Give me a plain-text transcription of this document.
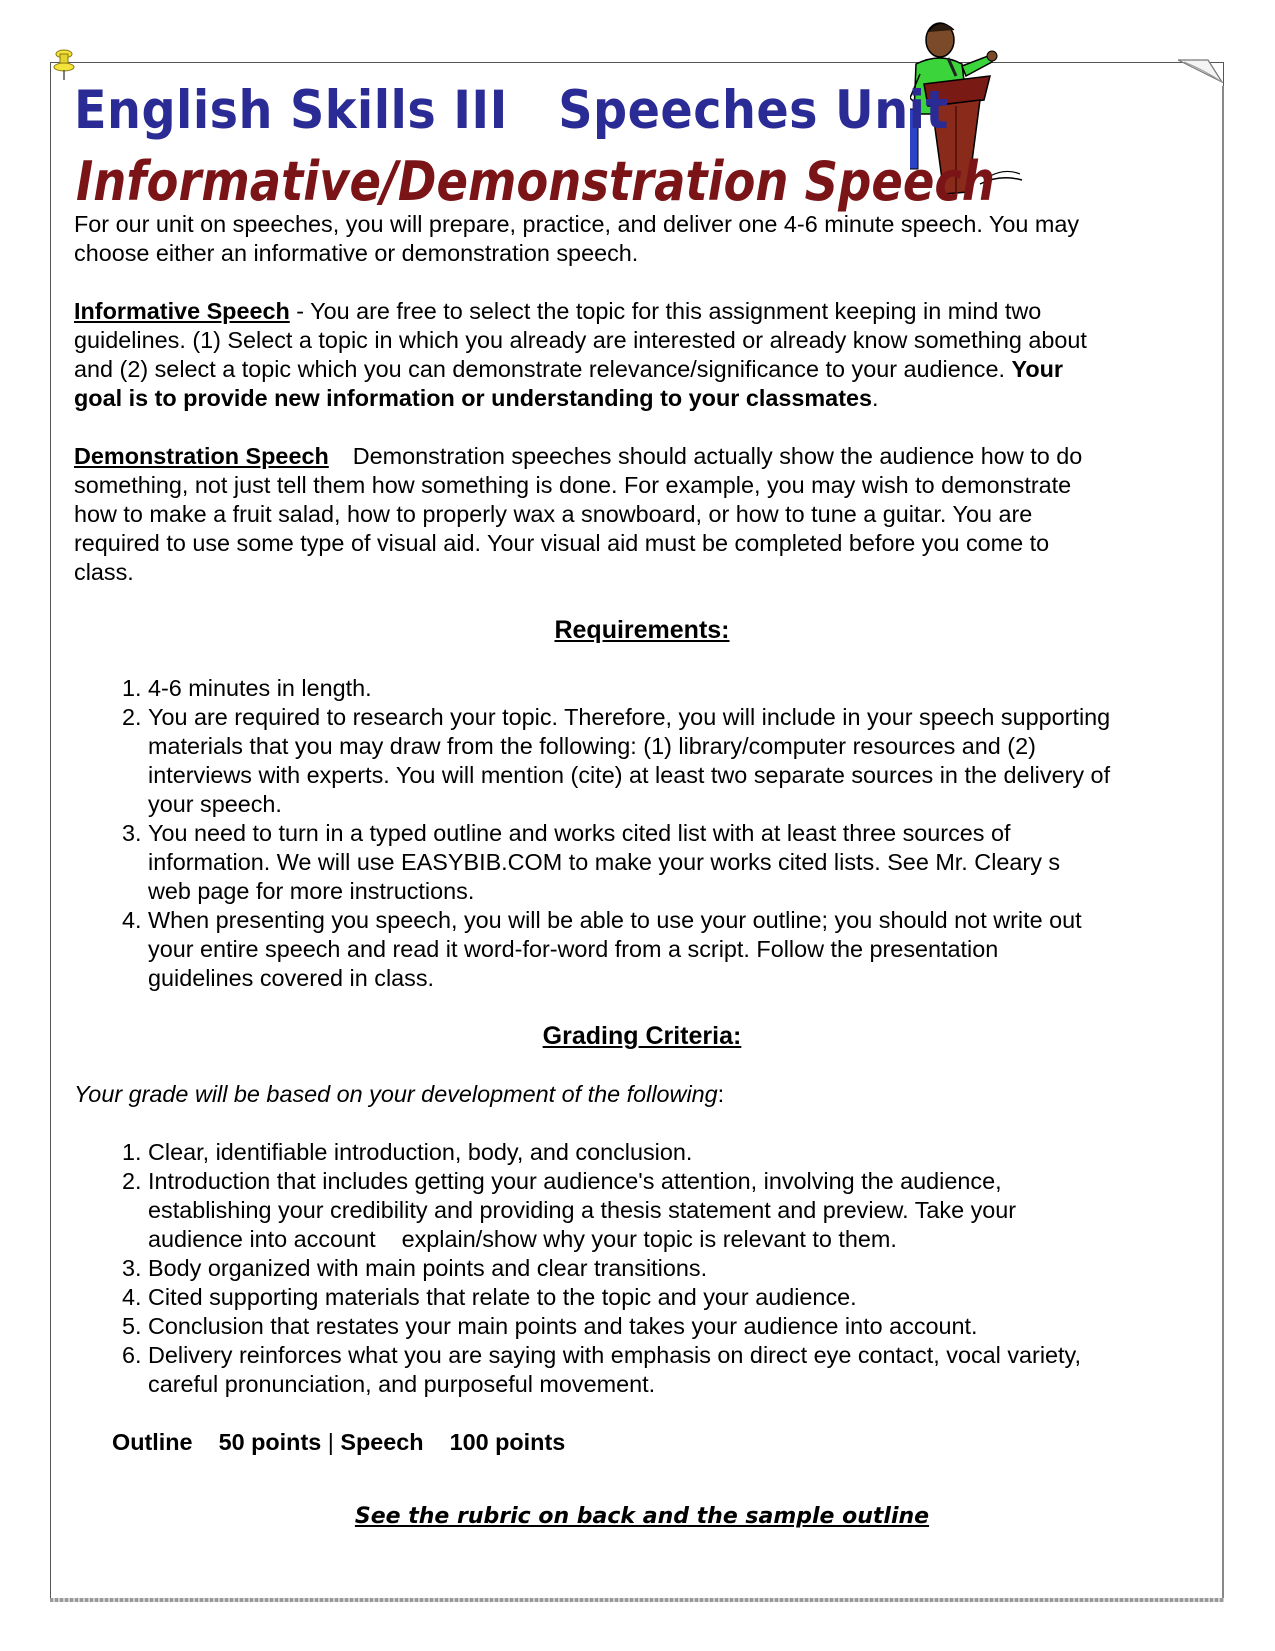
English Skills III Speeches Unit
Informative/Demonstration Speech

For our unit on speeches, you will prepare, practice, and deliver one 4-6 minute speech. You may
choose either an informative or demonstration speech.

Informative Speech - You are free to select the topic for this assignment keeping in mind two
guidelines. (1) Select a topic in which you already are interested or already know something about
and (2) select a topic which you can demonstrate relevance/significance to your audience. Your
goal is to provide new information or understanding to your classmates.

Demonstration Speech Demonstration speeches should actually show the audience how to do
something, not just tell them how something is done. For example, you may wish to demonstrate
how to make a fruit salad, how to properly wax a snowboard, or how to tune a guitar. You are
required to use some type of visual aid. Your visual aid must be completed before you come to
class.

Requirements:

1. 4-6 minutes in length.
2. You are required to research your topic. Therefore, you will include in your speech supporting
materials that you may draw from the following: (1) library/computer resources and (2)
interviews with experts. You will mention (cite) at least two separate sources in the delivery of
your speech.
3. You need to turn in a typed outline and works cited list with at least three sources of
information. We will use EASYBIB.COM to make your works cited lists. See Mr. Cleary s
web page for more instructions.
4. When presenting you speech, you will be able to use your outline; you should not write out
your entire speech and read it word-for-word from a script. Follow the presentation
guidelines covered in class.

Grading Criteria:

Your grade will be based on your development of the following:

1. Clear, identifiable introduction, body, and conclusion.
2. Introduction that includes getting your audience's attention, involving the audience,
establishing your credibility and providing a thesis statement and preview. Take your
audience into account    explain/show why your topic is relevant to them.
3. Body organized with main points and clear transitions.
4. Cited supporting materials that relate to the topic and your audience.
5. Conclusion that restates your main points and takes your audience into account.
6. Delivery reinforces what you are saying with emphasis on direct eye contact, vocal variety,
careful pronunciation, and purposeful movement.

Outline 50 points | Speech 100 points

See the rubric on back and the sample outline
